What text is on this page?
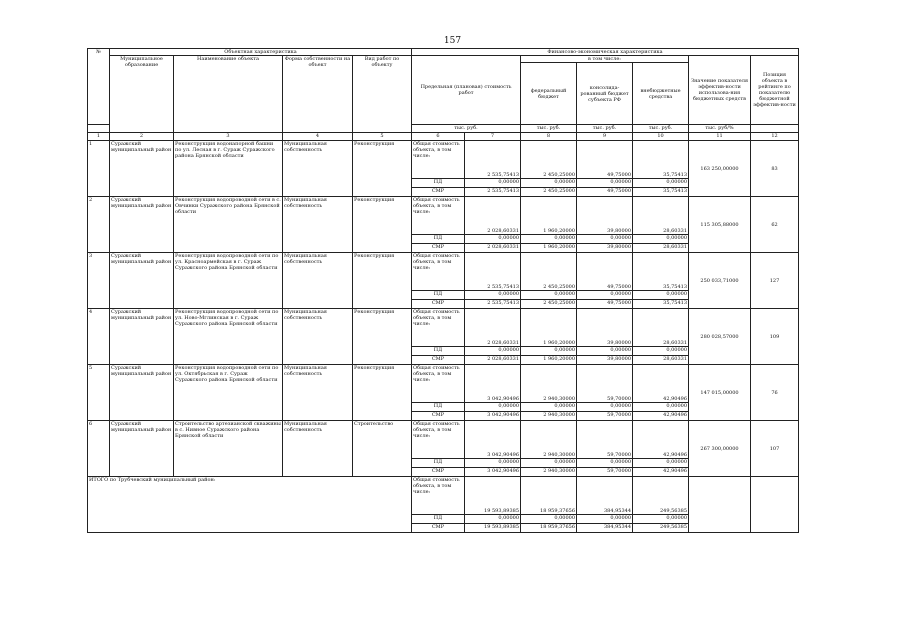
157
№	Объектная характеристика				Финансово-экономическая характеристика						
	Муниципальное образование	Наименование объекта	Форма собственности на объект	Вид работ по объекту	Предельная (плановая) стоимость работ		в том числе:			Значение показателя эффектив-ности использова-ния бюджетных средств	Позиция объекта в рейтинге по показателю бюджетной эффектив-ности
							федеральный бюджет	консолида-рованный бюджет субъекта РФ	внебюджетные средства		
					тыс. руб.		тыс. руб.	тыс. руб.	тыс. руб.	тыс. руб/%	
1	2	3	4	5	6	7	8	9	10	11	12
1	Суражский муниципальный район	Реконструкция водонапорной башни по ул. Лесная в г. Сураж Суражского района Брянской области	Муниципальная собственность	Реконструкция	Общая стоимость объекта, в том числе:	2 535,75413	2 450,25000	49,75000	35,75413	163 250,00000	83
					ПД	0,00000	0,00000	0,00000	0,00000		
					СМР	2 535,75413	2 450,25000	49,75000	35,75413		
2	Суражский муниципальный район	Реконструкция водопроводной сети в с. Овчинки Суражского района Брянской области	Муниципальная собственность	Реконструкция	Общая стоимость объекта, в том числе:	2 028,60331	1 960,20000	39,80000	28,60331	115 305,88000	62
					ПД	0,00000	0,00000	0,00000	0,00000		
					СМР	2 028,60331	1 960,20000	39,80000	28,60331		
3	Суражский муниципальный район	Реконструкция водопроводной сети по ул. Красноармейская в г. Сураж Суражского района Брянской области	Муниципальная собственность	Реконструкция	Общая стоимость объекта, в том числе:	2 535,75413	2 450,25000	49,75000	35,75413	250 033,71000	127
					ПД	0,00000	0,00000	0,00000	0,00000		
					СМР	2 535,75413	2 450,25000	49,75000	35,75413		
4	Суражский муниципальный район	Реконструкция водопроводной сети по ул. Ново-Мглинская в г. Сураж Суражского района Брянской области	Муниципальная собственность	Реконструкция	Общая стоимость объекта, в том числе:	2 028,60331	1 960,20000	39,80000	28,60331	280 028,57000	109
					ПД	0,00000	0,00000	0,00000	0,00000		
					СМР	2 028,60331	1 960,20000	39,80000	28,60331		
5	Суражский муниципальный район	Реконструкция водопроводной сети по ул. Октябрьская в г. Сураж Суражского района Брянской области	Муниципальная собственность	Реконструкция	Общая стоимость объекта, в том числе:	3 042,90496	2 940,30000	59,70000	42,90496	147 015,00000	76
					ПД	0,00000	0,00000	0,00000	0,00000		
					СМР	3 042,90496	2 940,30000	59,70000	42,90496		
6	Суражский муниципальный район	Строительство артезианской скважины в с. Нивное Суражского района Брянской области	Муниципальная собственность	Строительство	Общая стоимость объекта, в том числе:	3 042,90496	2 940,30000	59,70000	42,90496	267 300,00000	107
					ПД	0,00000	0,00000	0,00000	0,00000		
					СМР	3 042,90496	2 940,30000	59,70000	42,90496		
ИТОГО по Трубчевский муниципальный район:					Общая стоимость объекта, в том числе:	19 593,89385	18 959,37656	384,95344	249,56385		
					ПД	0,00000	0,00000	0,00000	0,00000		
					СМР	19 593,89385	18 959,37656	384,95344	249,56385		
